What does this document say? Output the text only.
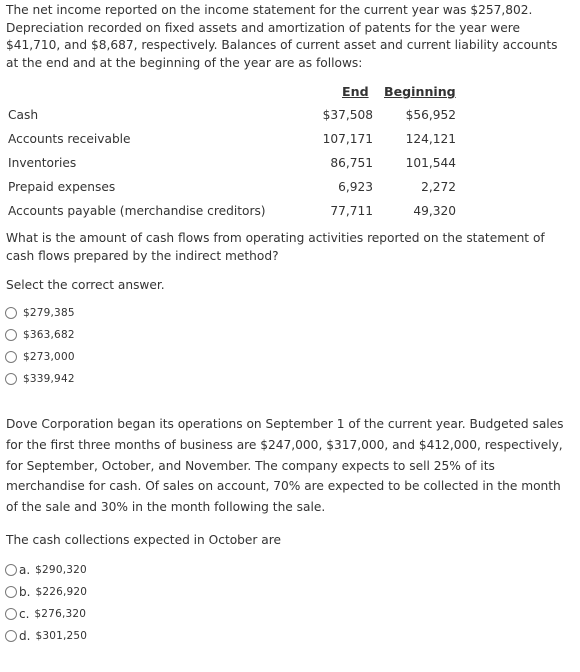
The net income reported on the income statement for the current year was $257,802. Depreciation recorded on fixed assets and amortization of patents for the year were $41,710, and $8,687, respectively. Balances of current asset and current liability accounts at the end and at the beginning of the year are as follows:
End Beginning
Cash	$37,508	$56,952
Accounts receivable	107,171	124,121
Inventories	86,751	101,544
Prepaid expenses	6,923	2,272
Accounts payable (merchandise creditors)	77,711	49,320
What is the amount of cash flows from operating activities reported on the statement of cash flows prepared by the indirect method?
Select the correct answer.
$279,385
$363,682
$273,000
$339,942
Dove Corporation began its operations on September 1 of the current year. Budgeted sales for the first three months of business are $247,000, $317,000, and $412,000, respectively, for September, October, and November. The company expects to sell 25% of its merchandise for cash. Of sales on account, 70% are expected to be collected in the month of the sale and 30% in the month following the sale.
The cash collections expected in October are
a. $290,320
b. $226,920
c. $276,320
d. $301,250
